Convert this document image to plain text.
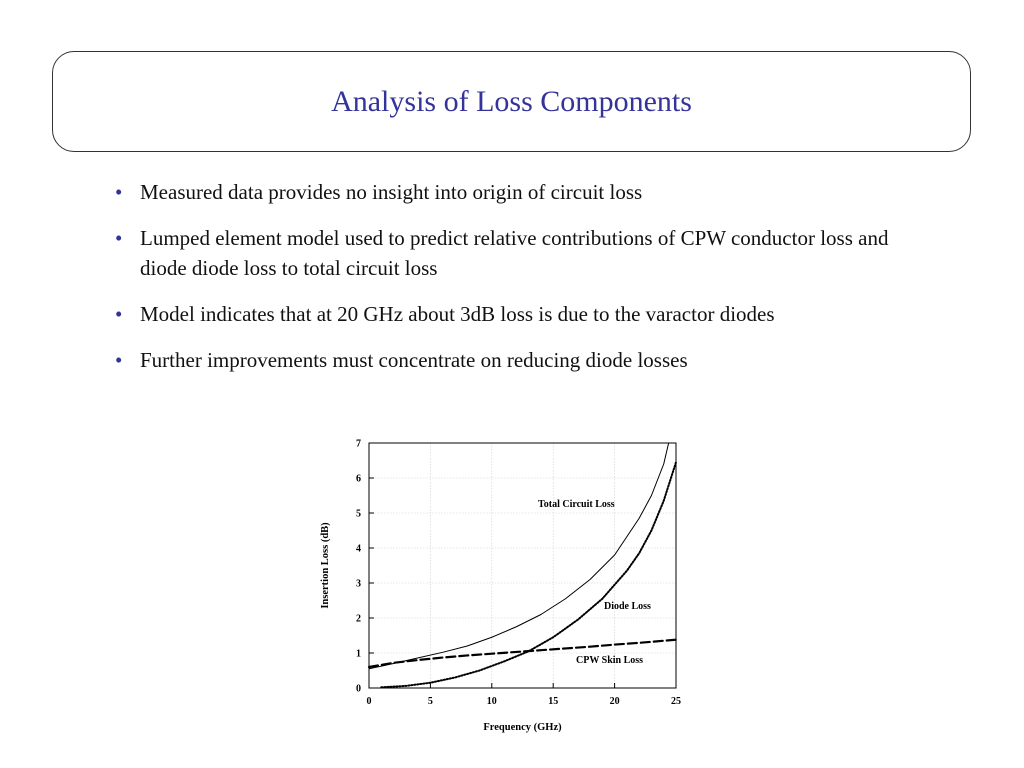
Analysis of Loss Components
• Measured data provides no insight into origin of circuit loss
• Lumped element model used to predict relative contributions of CPW conductor loss and diode diode loss to total circuit loss
• Model indicates that at 20 GHz about 3dB loss is due to the varactor diodes
• Further improvements must concentrate on reducing diode losses
0	5	10	15	20	25
0
1
2
3
4
5
6
7
Total Circuit Loss
Diode Loss
CPW Skin Loss
Frequency (GHz)
Insertion Loss (dB)
